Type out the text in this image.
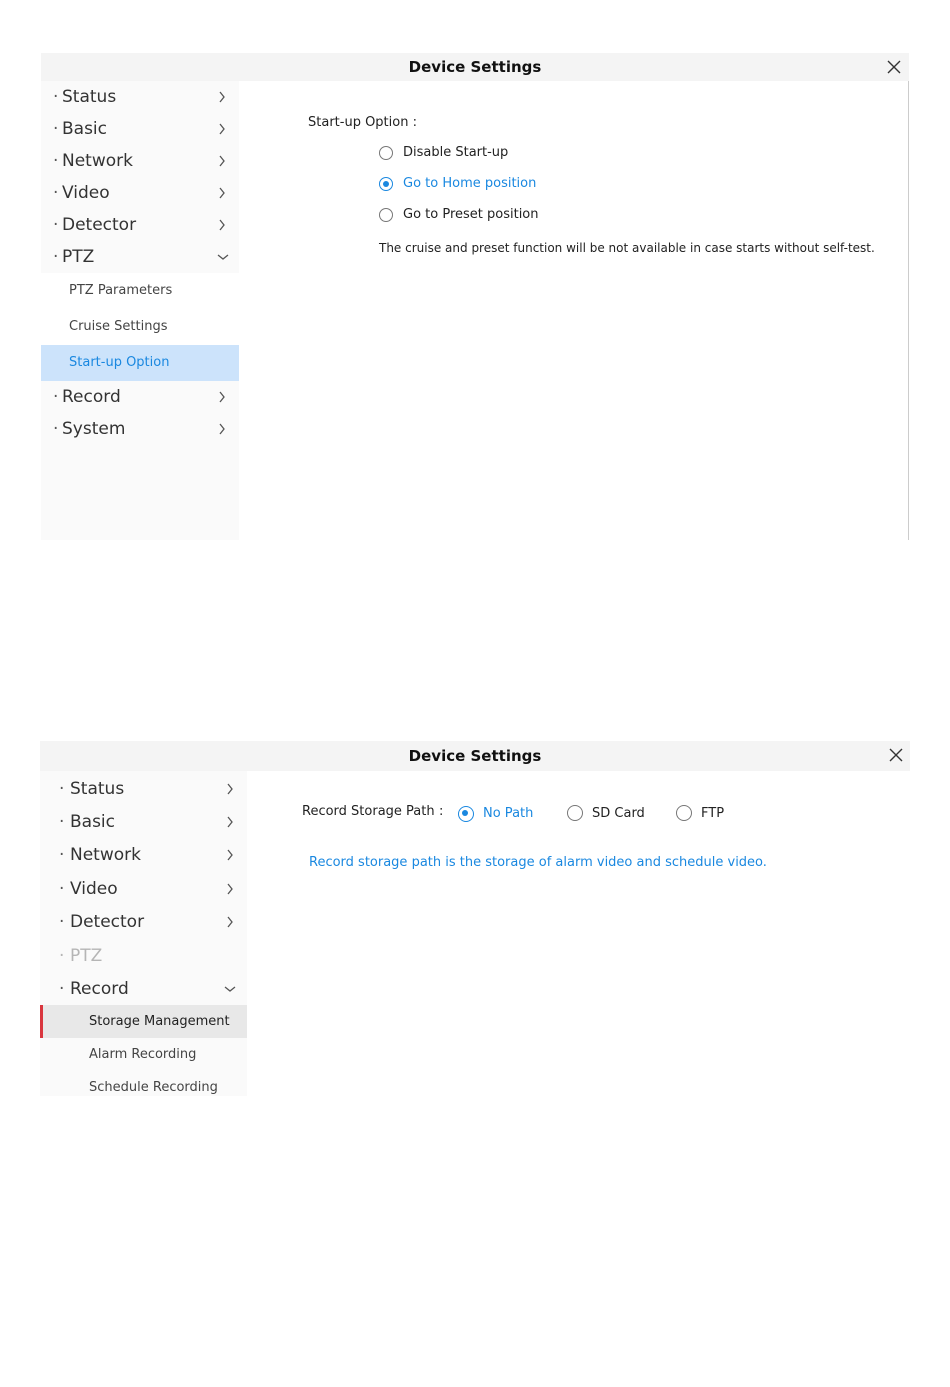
Device Settings
· Status
· Basic
· Network
· Video
· Detector
· PTZ
PTZ Parameters
Cruise Settings
Start-up Option
· Record
· System
Start-up Option :
Disable Start-up
Go to Home position
Go to Preset position
The cruise and preset function will be not available in case starts without self-test.
Device Settings
· Status
· Basic
· Network
· Video
· Detector
· PTZ
· Record
Storage Management
Alarm Recording
Schedule Recording
Record Storage Path :	No Path	SD Card	FTP
Record storage path is the storage of alarm video and schedule video.
